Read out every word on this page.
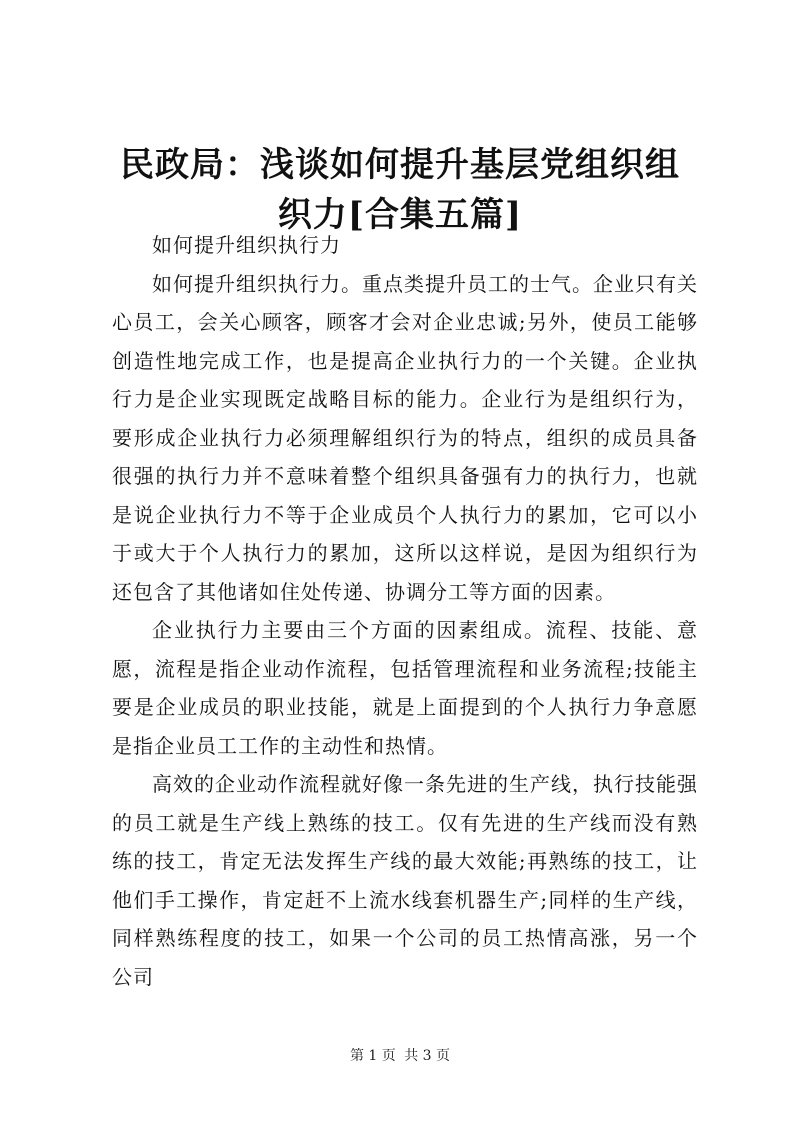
民政局：浅谈如何提升基层党组织组织力[合集五篇]

如何提升组织执行力

如何提升组织执行力。重点类提升员工的士气。企业只有关心员工，会关心顾客，顾客才会对企业忠诚;另外，使员工能够创造性地完成工作，也是提高企业执行力的一个关键。企业执行力是企业实现既定战略目标的能力。企业行为是组织行为，要形成企业执行力必须理解组织行为的特点，组织的成员具备很强的执行力并不意味着整个组织具备强有力的执行力，也就是说企业执行力不等于企业成员个人执行力的累加，它可以小于或大于个人执行力的累加，这所以这样说，是因为组织行为还包含了其他诸如住处传递、协调分工等方面的因素。

企业执行力主要由三个方面的因素组成。流程、技能、意愿，流程是指企业动作流程，包括管理流程和业务流程;技能主要是企业成员的职业技能，就是上面提到的个人执行力争意愿是指企业员工工作的主动性和热情。

高效的企业动作流程就好像一条先进的生产线，执行技能强的员工就是生产线上熟练的技工。仅有先进的生产线而没有熟练的技工，肯定无法发挥生产线的最大效能;再熟练的技工，让他们手工操作，肯定赶不上流水线套机器生产;同样的生产线，同样熟练程度的技工，如果一个公司的员工热情高涨，另一个公司

第 1 页 共 3 页
